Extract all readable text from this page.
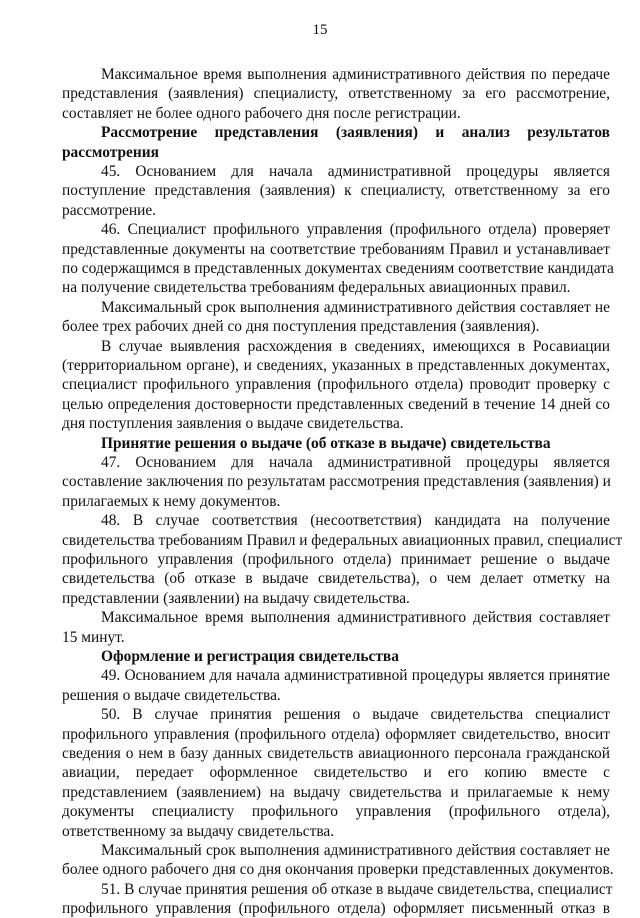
15
Максимальное время выполнения административного действия по передаче
представления (заявления) специалисту, ответственному за его рассмотрение,
составляет не более одного рабочего дня после регистрации.
Рассмотрение представления (заявления) и анализ результатов
рассмотрения
45. Основанием для начала административной процедуры является
поступление представления (заявления) к специалисту, ответственному за его
рассмотрение.
46. Специалист профильного управления (профильного отдела) проверяет
представленные документы на соответствие требованиям Правил и устанавливает
по содержащимся в представленных документах сведениям соответствие кандидата
на получение свидетельства требованиям федеральных авиационных правил.
Максимальный срок выполнения административного действия составляет не
более трех рабочих дней со дня поступления представления (заявления).
В случае выявления расхождения в сведениях, имеющихся в Росавиации
(территориальном органе), и сведениях, указанных в представленных документах,
специалист профильного управления (профильного отдела) проводит проверку с
целью определения достоверности представленных сведений в течение 14 дней со
дня поступления заявления о выдаче свидетельства.
Принятие решения о выдаче (об отказе в выдаче) свидетельства
47. Основанием для начала административной процедуры является
составление заключения по результатам рассмотрения представления (заявления) и
прилагаемых к нему документов.
48. В случае соответствия (несоответствия) кандидата на получение
свидетельства требованиям Правил и федеральных авиационных правил, специалист
профильного управления (профильного отдела) принимает решение о выдаче
свидетельства (об отказе в выдаче свидетельства), о чем делает отметку на
представлении (заявлении) на выдачу свидетельства.
Максимальное время выполнения административного действия составляет
15 минут.
Оформление и регистрация свидетельства
49. Основанием для начала административной процедуры является принятие
решения о выдаче свидетельства.
50. В случае принятия решения о выдаче свидетельства специалист
профильного управления (профильного отдела) оформляет свидетельство, вносит
сведения о нем в базу данных свидетельств авиационного персонала гражданской
авиации, передает оформленное свидетельство и его копию вместе с
представлением (заявлением) на выдачу свидетельства и прилагаемые к нему
документы специалисту профильного управления (профильного отдела),
ответственному за выдачу свидетельства.
Максимальный срок выполнения административного действия составляет не
более одного рабочего дня со дня окончания проверки представленных документов.
51. В случае принятия решения об отказе в выдаче свидетельства, специалист
профильного управления (профильного отдела) оформляет письменный отказ в
